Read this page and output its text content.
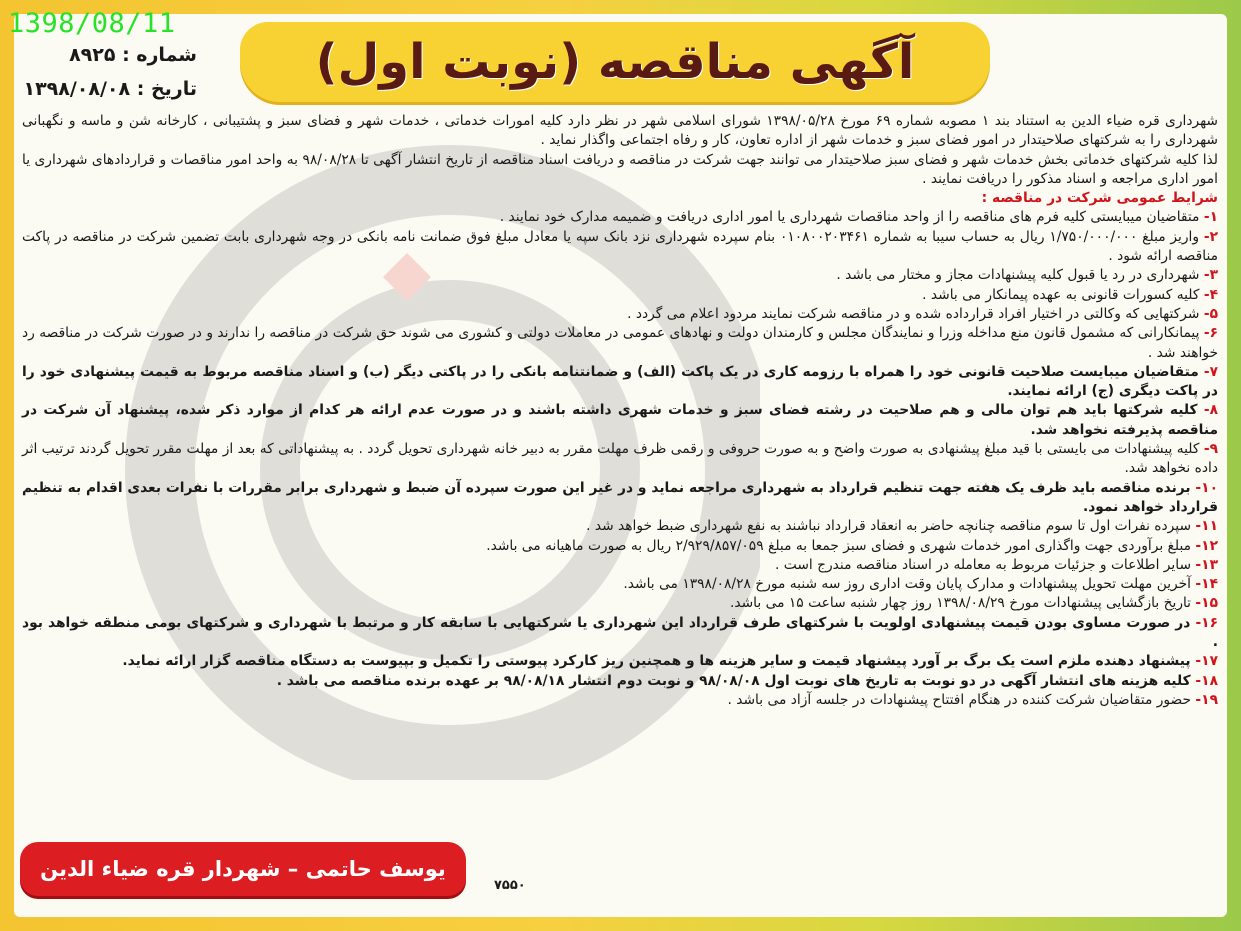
1398/08/11
آگهی مناقصه (نوبت اول)
شماره : ۸۹۲۵
تاریخ : ۱۳۹۸/۰۸/۰۸

شهرداری قره ضیاء الدین به استناد بند ۱ مصوبه شماره ۶۹ مورخ ۱۳۹۸/۰۵/۲۸ شورای اسلامی شهر در نظر دارد کلیه امورات خدماتی ، خدمات شهر و فضای سبز و پشتیبانی ، کارخانه شن و ماسه و نگهبانی شهرداری را به شرکتهای صلاحیتدار در امور فضای سبز و خدمات شهر از اداره تعاون، کار و رفاه اجتماعی واگذار نماید .

لذا کلیه شرکتهای خدماتی بخش خدمات شهر و فضای سبز صلاحیتدار می توانند جهت شرکت در مناقصه و دریافت اسناد مناقصه از تاریخ انتشار آگهی تا ۹۸/۰۸/۲۸ به واحد امور مناقصات و قراردادهای شهرداری یا امور اداری مراجعه و اسناد مذکور را دریافت نمایند .

شرایط عمومی شرکت در مناقصه :

۱- متقاضیان میبایستی کلیه فرم های مناقصه را از واحد مناقصات شهرداری یا امور اداری دریافت و ضمیمه مدارک خود نمایند .

۲- واریز مبلغ ۱/۷۵۰/۰۰۰/۰۰۰ ریال به حساب سیبا به شماره ۰۱۰۸۰۰۲۰۳۴۶۱ بنام سپرده شهرداری نزد بانک سپه یا معادل مبلغ فوق ضمانت نامه بانکی در وجه شهرداری بابت تضمین شرکت در مناقصه در پاکت مناقصه ارائه شود .

۳- شهرداری در رد یا قبول کلیه پیشنهادات مجاز و مختار می باشد .

۴- کلیه کسورات قانونی به عهده پیمانکار می باشد .

۵- شرکتهایی که وکالتی در اختیار افراد قرارداده شده و در مناقصه شرکت نمایند مردود اعلام می گردد .

۶- پیمانکارانی که مشمول قانون منع مداخله وزرا و نمایندگان مجلس و کارمندان دولت و نهادهای عمومی در معاملات دولتی و کشوری می شوند حق شرکت در مناقصه را ندارند و در صورت شرکت در مناقصه رد خواهند شد .

۷- متقاضیان میبایست صلاحیت قانونی خود را همراه با رزومه کاری در یک پاکت (الف) و ضمانتنامه بانکی را در پاکتی دیگر (ب) و اسناد مناقصه مربوط به قیمت پیشنهادی خود را در پاکت دیگری (ج) ارائه نمایند.

۸- کلیه شرکتها باید هم توان مالی و هم صلاحیت در رشته فضای سبز و خدمات شهری داشته باشند و در صورت عدم ارائه هر کدام از موارد ذکر شده، پیشنهاد آن شرکت در مناقصه پذیرفته نخواهد شد.

۹- کلیه پیشنهادات می بایستی با قید مبلغ پیشنهادی به صورت واضح و به صورت حروفی و رقمی ظرف مهلت مقرر به دبیر خانه شهرداری تحویل گردد . به پیشنهاداتی که بعد از مهلت مقرر تحویل گردند ترتیب اثر داده نخواهد شد.

۱۰- برنده مناقصه باید ظرف یک هفته جهت تنظیم قرارداد به شهرداری مراجعه نماید و در غیر این صورت سپرده آن ضبط و شهرداری برابر مقررات با نفرات بعدی اقدام به تنظیم قرارداد خواهد نمود.

۱۱- سپرده نفرات اول تا سوم مناقصه چنانچه حاضر به انعقاد قرارداد نباشند به نفع شهرداری ضبط خواهد شد .

۱۲- مبلغ برآوردی جهت واگذاری امور خدمات شهری و فضای سبز جمعا به مبلغ ۲/۹۲۹/۸۵۷/۰۵۹ ریال به صورت ماهیانه می باشد.

۱۳- سایر اطلاعات و جزئیات مربوط به معامله در اسناد مناقصه مندرج است .

۱۴- آخرین مهلت تحویل پیشنهادات و مدارک پایان وقت اداری روز سه شنبه مورخ ۱۳۹۸/۰۸/۲۸ می باشد.

۱۵- تاریخ بازگشایی پیشنهادات مورخ ۱۳۹۸/۰۸/۲۹ روز چهار شنبه ساعت ۱۵ می باشد.

۱۶- در صورت مساوی بودن قیمت پیشنهادی اولویت با شرکتهای طرف قرارداد این شهرداری یا شرکتهایی با سابقه کار و مرتبط با شهرداری و شرکتهای بومی منطقه خواهد بود .

۱۷- پیشنهاد دهنده ملزم است یک برگ بر آورد پیشنهاد قیمت و سایر هزینه ها و همچنین ریز کارکرد پیوستی را تکمیل و بپیوست به دستگاه مناقصه گزار ارائه نماید.

۱۸- کلیه هزینه های انتشار آگهی در دو نوبت به تاریخ های نوبت اول ۹۸/۰۸/۰۸ و نوبت دوم انتشار ۹۸/۰۸/۱۸ بر عهده برنده مناقصه می باشد .

۱۹- حضور متقاضیان شرکت کننده در هنگام افتتاح پیشنهادات در جلسه آزاد می باشد .

یوسف حاتمی – شهردار قره ضیاء الدین
۷۵۵۰
